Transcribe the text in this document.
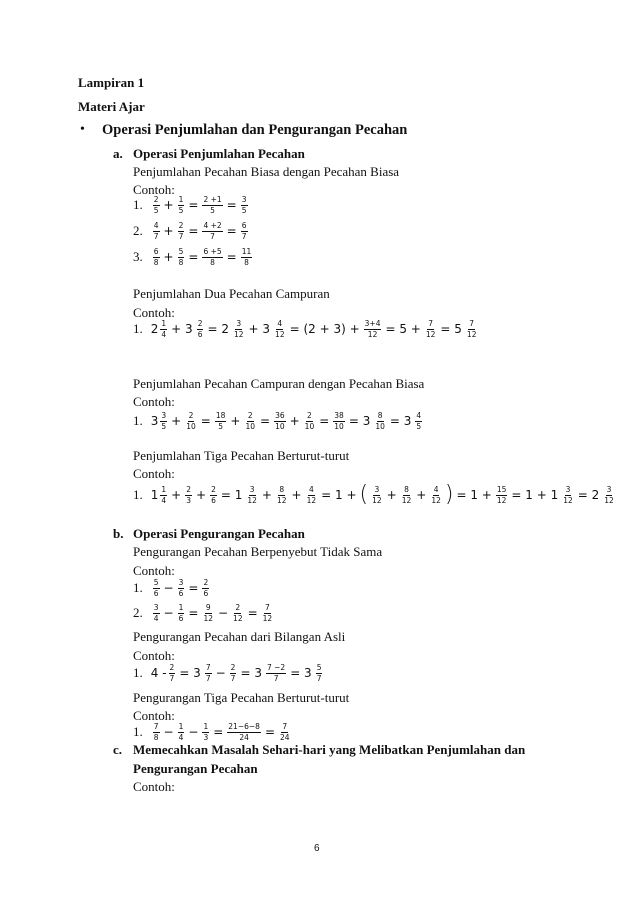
Lampiran 1
Materi Ajar
• Operasi Penjumlahan dan Pengurangan Pecahan
a. Operasi Penjumlahan Pecahan
Penjumlahan Pecahan Biasa dengan Pecahan Biasa
Contoh:
1. $\frac{2}{5} + \frac{1}{5} = \frac{2 +1}{5} = \frac{3}{5}$
2. $\frac{4}{7} + \frac{2}{7} = \frac{4 +2}{7} = \frac{6}{7}$
3. $\frac{6}{8} + \frac{5}{8} = \frac{6 +5}{8} = \frac{11}{8}$
Penjumlahan Dua Pecahan Campuran
Contoh:
1. $2 \frac{1}{4} + 3 \frac{2}{6} = 2 \frac{3}{12} + 3 \frac{4}{12} = (2 + 3) + \frac{3+4}{12} = 5 + \frac{7}{12} = 5 \frac{7}{12}$
Penjumlahan Pecahan Campuran dengan Pecahan Biasa
Contoh:
1. $3 \frac{3}{5} + \frac{2}{10} = \frac{18}{5} + \frac{2}{10} = \frac{36}{10} + \frac{2}{10} = \frac{38}{10} = 3 \frac{8}{10} = 3 \frac{4}{5}$
Penjumlahan Tiga Pecahan Berturut-turut
Contoh:
1. $1 \frac{1}{4} + \frac{2}{3} + \frac{2}{6} = 1 \frac{3}{12} + \frac{8}{12} + \frac{4}{12} = 1$ + ( $\frac{3}{12} + \frac{8}{12} + \frac{4}{12}$ ) = $1 + \frac{15}{12} = 1 + 1 \frac{3}{12} = 2 \frac{3}{12}$
b. Operasi Pengurangan Pecahan
Pengurangan Pecahan Berpenyebut Tidak Sama
Contoh:
1. $\frac{5}{6} - \frac{3}{6} = \frac{2}{6}$
2. $\frac{3}{4} - \frac{1}{6} = \frac{9}{12} - \frac{2}{12} = \frac{7}{12}$
Pengurangan Pecahan dari Bilangan Asli
Contoh:
1. $4 - \frac{2}{7} = 3 \frac{7}{7} - \frac{2}{7} = 3 \frac{7 -2}{7} = 3 \frac{5}{7}$
Pengurangan Tiga Pecahan Berturut-turut
Contoh:
1. $\frac{7}{8} - \frac{1}{4} - \frac{1}{3} = \frac{21-6-8}{24} = \frac{7}{24}$
c. Memecahkan Masalah Sehari-hari yang Melibatkan Penjumlahan dan
Pengurangan Pecahan
Contoh:
6
